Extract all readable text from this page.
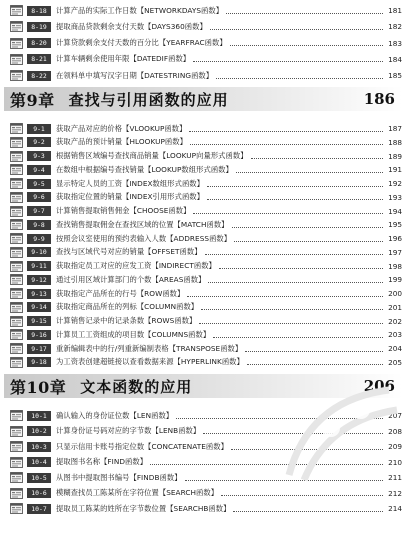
8-18	计算产品的实际工作日数【NETWORKDAYS函数】	181
8-19	提取商品贷款剩余支付天数【DAYS360函数】	182
8-20	计算贷款剩余支付天数的百分比【YEARFRAC函数】	183
8-21	计算车辆剩余使用年限【DATEDIF函数】	184
8-22	在领料单中填写汉字日期【DATESTRING函数】	185
第9章 查找与引用函数的应用	186
9-1	获取产品对应的价格【VLOOKUP函数】	187
9-2	获取产品的预计销量【HLOOKUP函数】	188
9-3	根据销售区域编号查找商品销量【LOOKUP向量形式函数】	189
9-4	在数组中根据编号查找销量【LOOKUP数组形式函数】	191
9-5	显示特定人员的工资【INDEX数组形式函数】	192
9-6	获取指定位置的销量【INDEX引用形式函数】	193
9-7	计算销售提取销售佣金【CHOOSE函数】	194
9-8	查找销售提取佣金在查找区域的位置【MATCH函数】	195
9-9	按照会议室使用的预约表输入人数【ADDRESS函数】	196
9-10	查找与区域代号对应的销量【OFFSET函数】	197
9-11	获取指定员工对应的应发工资【INDIRECT函数】	198
9-12	通过引用区域计算部门的个数【AREAS函数】	199
9-13	获取指定产品所在的行号【ROW函数】	200
9-14	获取指定商品所在的列标【COLUMN函数】	201
9-15	计算销售记录中的记录条数【ROWS函数】	202
9-16	计算员工工资组成的项目数【COLUMNS函数】	203
9-17	重新编辑表中的行/列重新编制表格【TRANSPOSE函数】	204
9-18	为工资表创建超链接以查看数据来源【HYPERLINK函数】	205
第10章 文本函数的应用	206
10-1	确认输入的身份证位数【LEN函数】	207
10-2	计算身份证号码对应的字节数【LENB函数】	208
10-3	只显示信用卡账号指定位数【CONCATENATE函数】	209
10-4	提取图书名称【FIND函数】	210
10-5	从图书中提取图书编号【FINDB函数】	211
10-6	模糊查找员工陈某所在字符位置【SEARCH函数】	212
10-7	提取员工陈某的姓所在字节数位置【SEARCHB函数】	214
